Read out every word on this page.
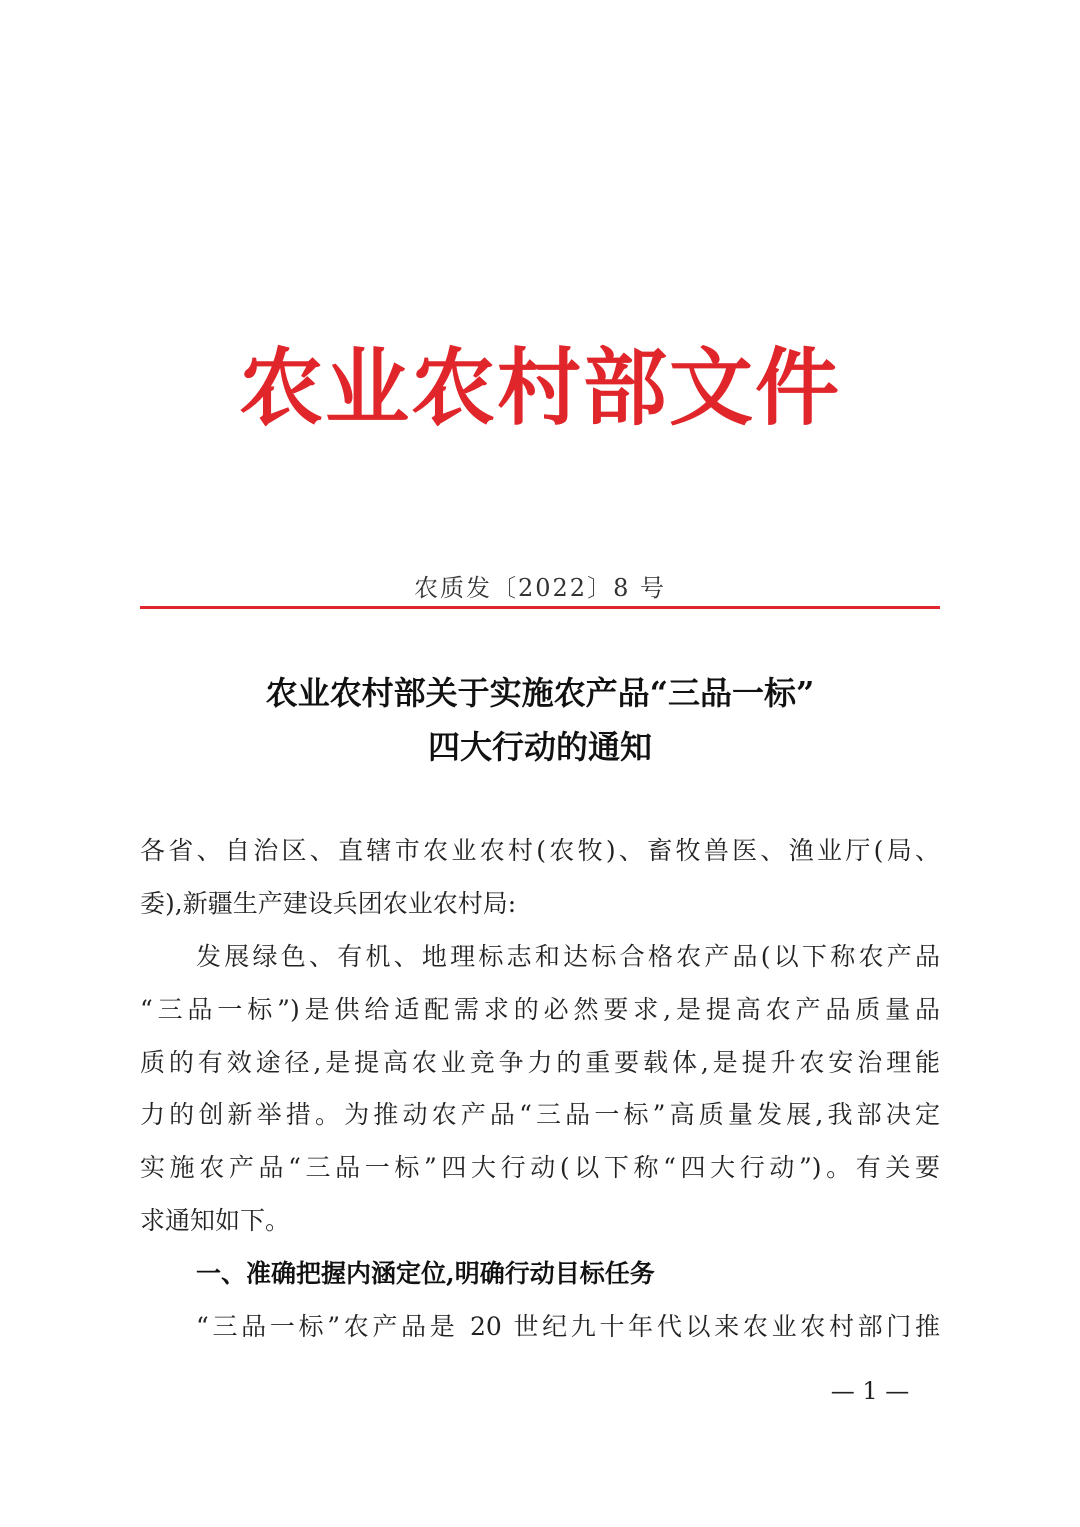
农业农村部文件
农质发〔2022〕8 号
农业农村部关于实施农产品“三品一标”
四大行动的通知
各省、自治区、直辖市农业农村(农牧)、畜牧兽医、渔业厅(局、
委),新疆生产建设兵团农业农村局:
发展绿色、有机、地理标志和达标合格农产品(以下称农产品
“三品一标”)是供给适配需求的必然要求,是提高农产品质量品
质的有效途径,是提高农业竞争力的重要载体,是提升农安治理能
力的创新举措。为推动农产品“三品一标”高质量发展,我部决定
实施农产品“三品一标”四大行动(以下称“四大行动”)。有关要
求通知如下。
一、准确把握内涵定位,明确行动目标任务
“三品一标”农产品是 20 世纪九十年代以来农业农村部门推
— 1 —
